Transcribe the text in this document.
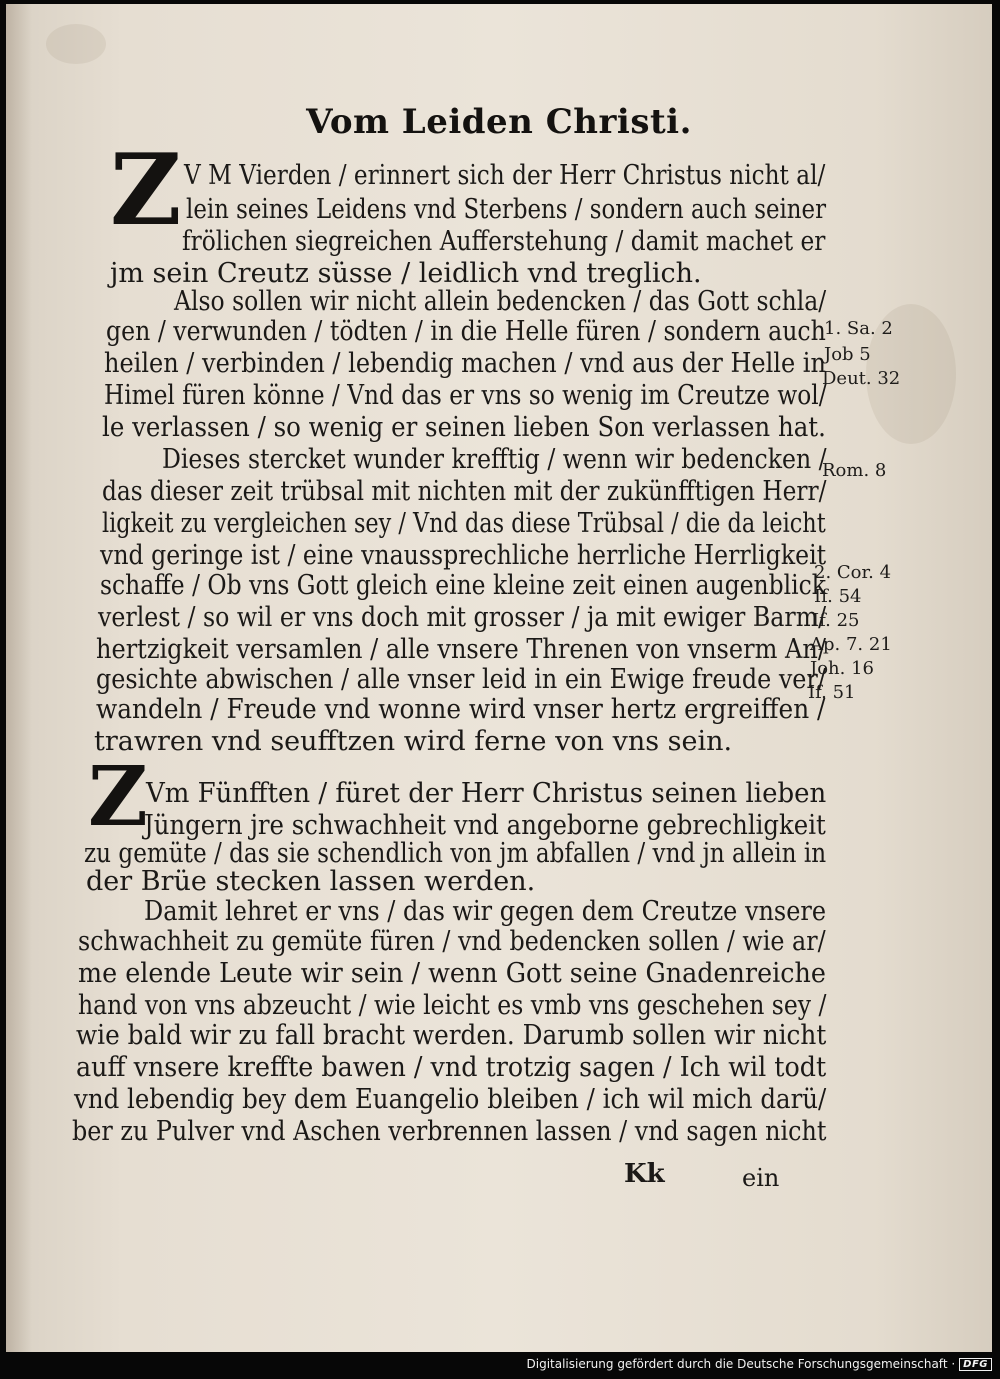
Vom Leiden Christi.
Z V M Vierden / erinnert sich der Herr Christus nicht al/
lein seines Leidens vnd Sterbens / sondern auch seiner
frölichen siegreichen Aufferstehung / damit machet er
jm sein Creutz süsse / leidlich vnd treglich.
Also sollen wir nicht allein bedencken / das Gott schla/
gen / verwunden / tödten / in die Helle füren / sondern auch
heilen / verbinden / lebendig machen / vnd aus der Helle in
Himel füren könne / Vnd das er vns so wenig im Creutze wol/
le verlassen / so wenig er seinen lieben Son verlassen hat.
Dieses stercket wunder krefftig / wenn wir bedencken /
das dieser zeit trübsal mit nichten mit der zukünfftigen Herr/
ligkeit zu vergleichen sey / Vnd das diese Trübsal / die da leicht
vnd geringe ist / eine vnaussprechliche herrliche Herrligkeit
schaffe / Ob vns Gott gleich eine kleine zeit einen augenblick
verlest / so wil er vns doch mit grosser / ja mit ewiger Barm/
hertzigkeit versamlen / alle vnsere Threnen von vnserm An/
gesichte abwischen / alle vnser leid in ein Ewige freude ver/
wandeln / Freude vnd wonne wird vnser hertz ergreiffen /
trawren vnd seufftzen wird ferne von vns sein.
1. Sa. 2
Job 5
Deut. 32
Rom. 8
2. Cor. 4
If. 54
If. 25
Ap. 7. 21
Joh. 16
If. 51
Z
Vm Fünfften / füret der Herr Christus seinen lieben
Jüngern jre schwachheit vnd angeborne gebrechligkeit
zu gemüte / das sie schendlich von jm abfallen / vnd jn allein in
der Brüe stecken lassen werden.
Damit lehret er vns / das wir gegen dem Creutze vnsere
schwachheit zu gemüte füren / vnd bedencken sollen / wie ar/
me elende Leute wir sein / wenn Gott seine Gnadenreiche
hand von vns abzeucht / wie leicht es vmb vns geschehen sey /
wie bald wir zu fall bracht werden. Darumb sollen wir nicht
auff vnsere kreffte bawen / vnd trotzig sagen / Ich wil todt
vnd lebendig bey dem Euangelio bleiben / ich wil mich darü/
ber zu Pulver vnd Aschen verbrennen lassen / vnd sagen nicht
Kk	ein
Digitalisierung gefördert durch die Deutsche Forschungsgemeinschaft · DFG
